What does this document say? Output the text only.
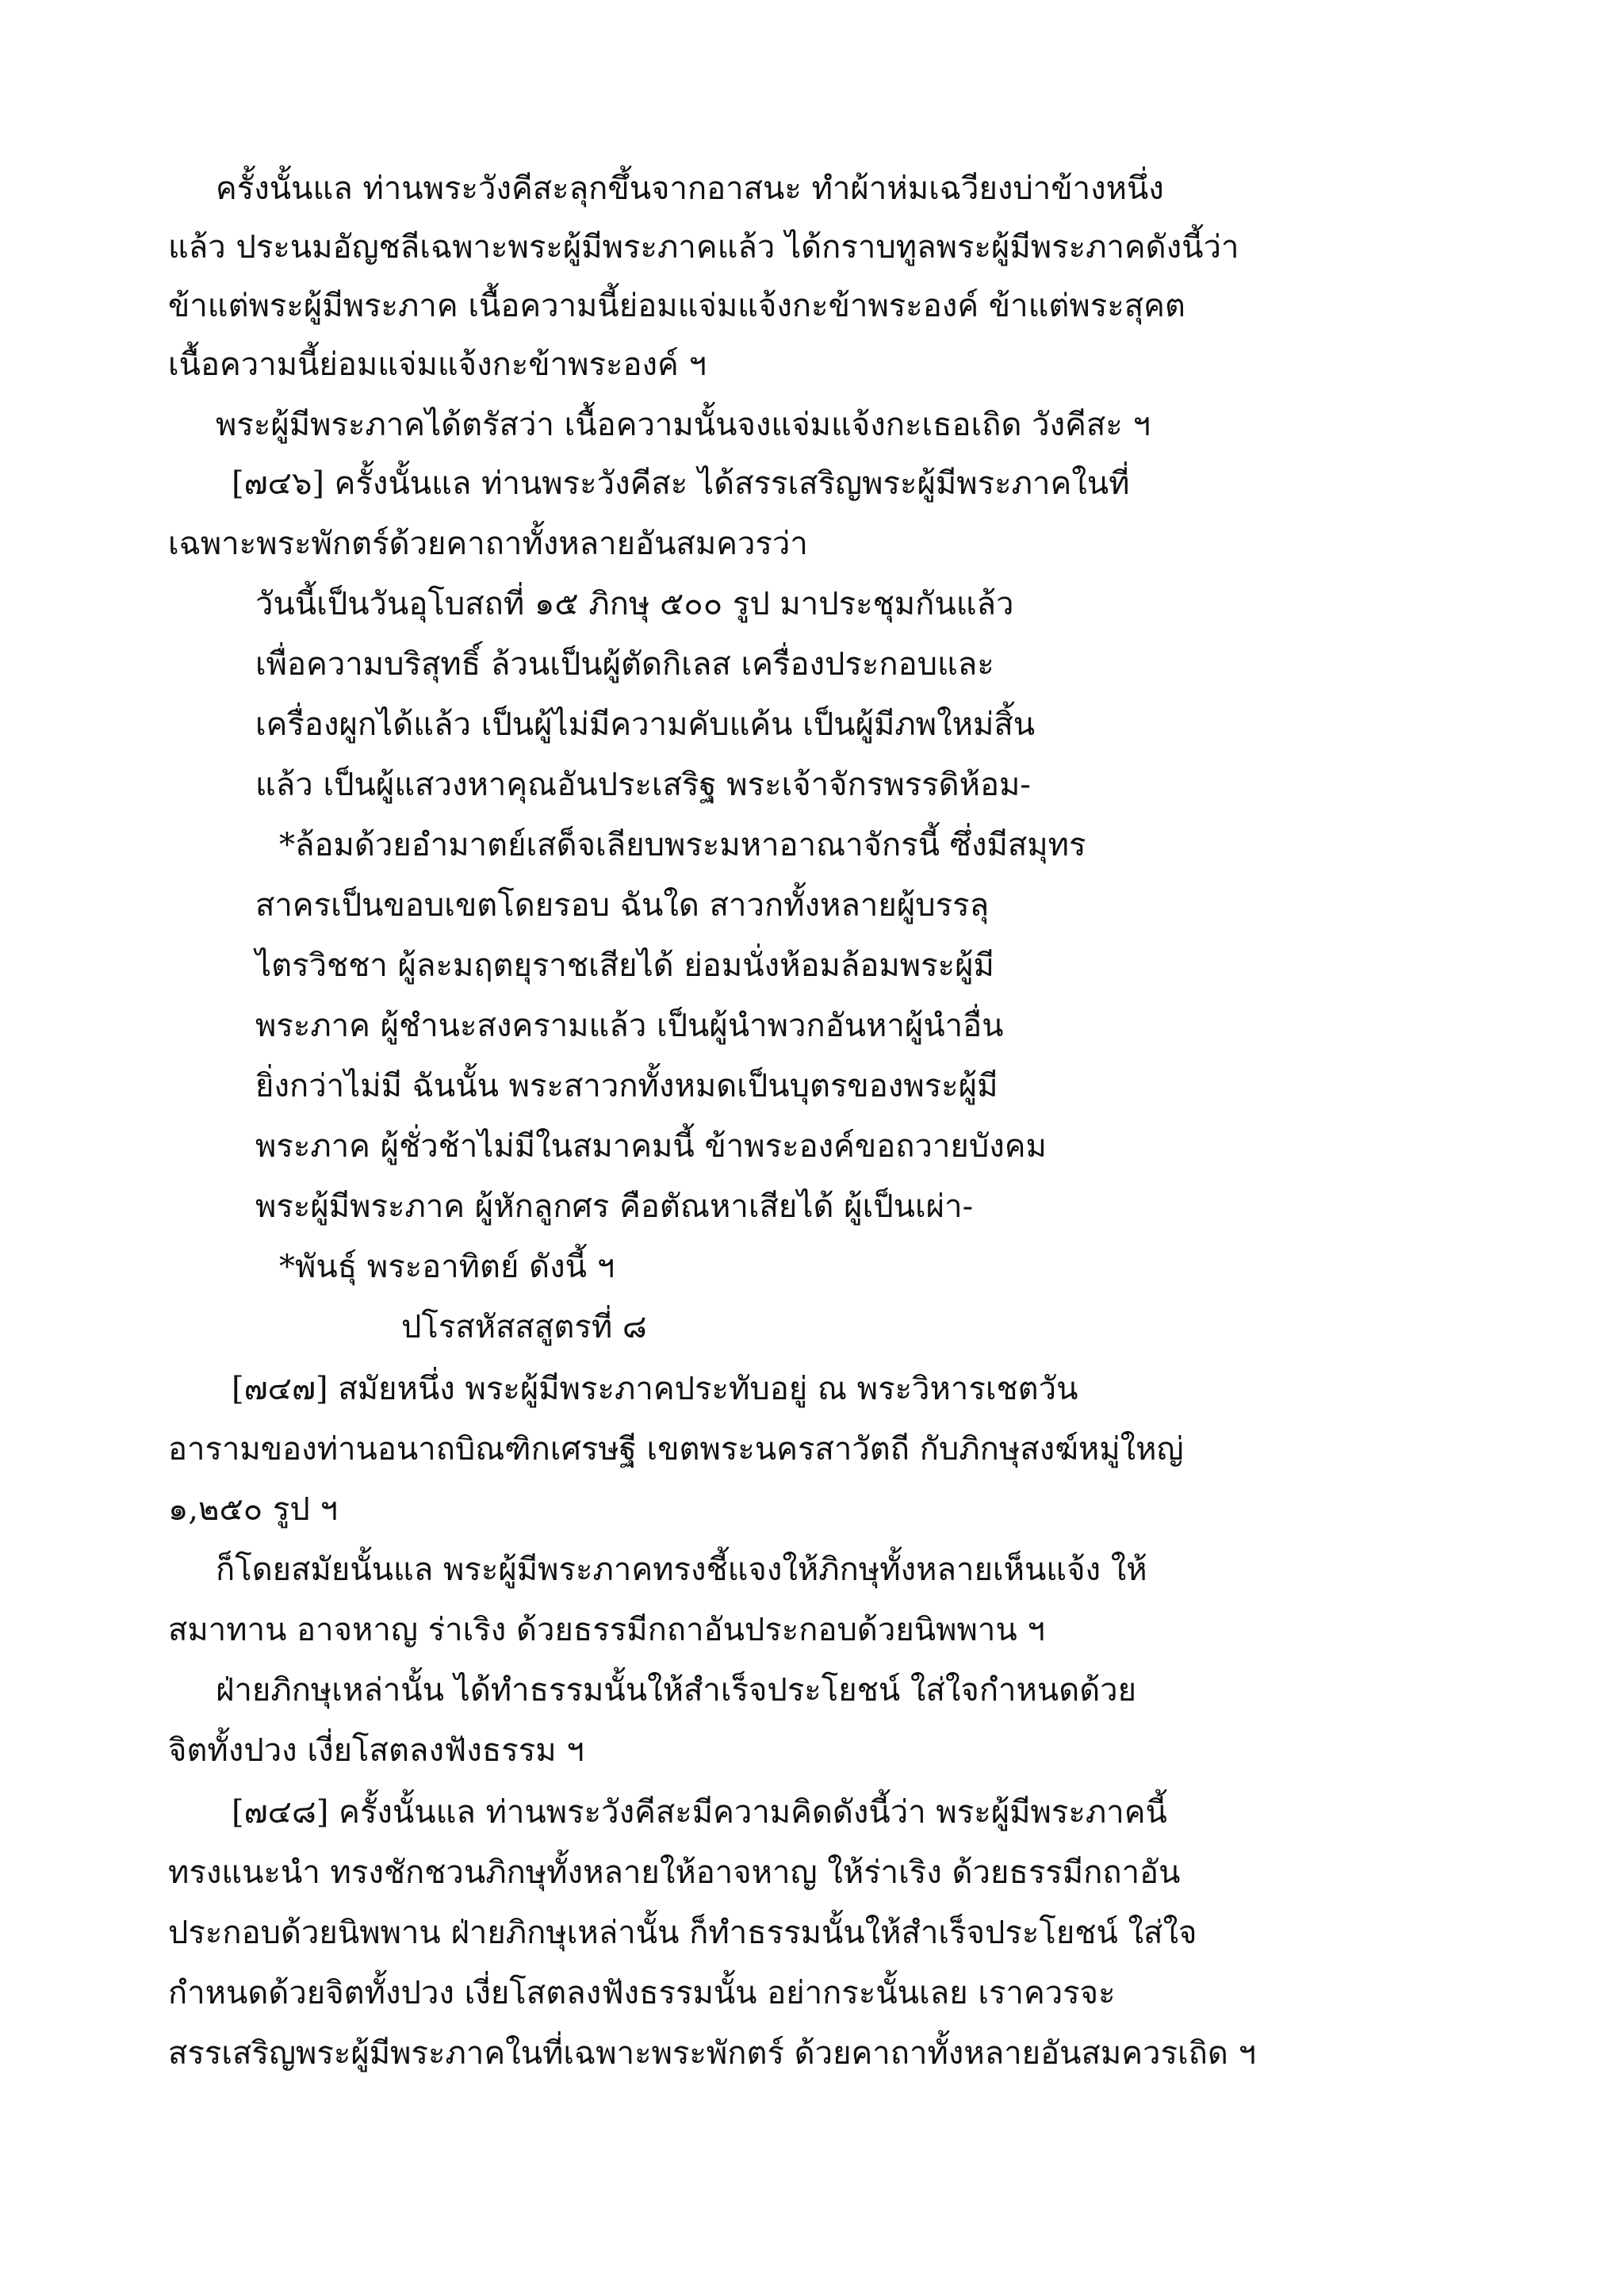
ครั้งนั้นแล ท่านพระวังคีสะลุกขึ้นจากอาสนะ ทำผ้าห่มเฉวียงบ่าข้างหนึ่ง
แล้ว ประนมอัญชลีเฉพาะพระผู้มีพระภาคแล้ว ได้กราบทูลพระผู้มีพระภาคดังนี้ว่า
ข้าแต่พระผู้มีพระภาค เนื้อความนี้ย่อมแจ่มแจ้งกะข้าพระองค์ ข้าแต่พระสุคต
เนื้อความนี้ย่อมแจ่มแจ้งกะข้าพระองค์ ฯ
พระผู้มีพระภาคได้ตรัสว่า เนื้อความนั้นจงแจ่มแจ้งกะเธอเถิด วังคีสะ ฯ
[๗๔๖] ครั้งนั้นแล ท่านพระวังคีสะ ได้สรรเสริญพระผู้มีพระภาคในที่
เฉพาะพระพักตร์ด้วยคาถาทั้งหลายอันสมควรว่า
วันนี้เป็นวันอุโบสถที่ ๑๕ ภิกษุ ๕๐๐ รูป มาประชุมกันแล้ว
เพื่อความบริสุทธิ์ ล้วนเป็นผู้ตัดกิเลส เครื่องประกอบและ
เครื่องผูกได้แล้ว เป็นผู้ไม่มีความคับแค้น เป็นผู้มีภพใหม่สิ้น
แล้ว เป็นผู้แสวงหาคุณอันประเสริฐ พระเจ้าจักรพรรดิห้อม-
*ล้อมด้วยอำมาตย์เสด็จเลียบพระมหาอาณาจักรนี้ ซึ่งมีสมุทร
สาครเป็นขอบเขตโดยรอบ ฉันใด สาวกทั้งหลายผู้บรรลุ
ไตรวิชชา ผู้ละมฤตยุราชเสียได้ ย่อมนั่งห้อมล้อมพระผู้มี
พระภาค ผู้ชำนะสงครามแล้ว เป็นผู้นำพวกอันหาผู้นำอื่น
ยิ่งกว่าไม่มี ฉันนั้น พระสาวกทั้งหมดเป็นบุตรของพระผู้มี
พระภาค ผู้ชั่วช้าไม่มีในสมาคมนี้ ข้าพระองค์ขอถวายบังคม
พระผู้มีพระภาค ผู้หักลูกศร คือตัณหาเสียได้ ผู้เป็นเผ่า-
*พันธุ์ พระอาทิตย์ ดังนี้ ฯ
ปโรสหัสสสูตรที่ ๘
[๗๔๗] สมัยหนึ่ง พระผู้มีพระภาคประทับอยู่ ณ พระวิหารเชตวัน
อารามของท่านอนาถบิณฑิกเศรษฐี เขตพระนครสาวัตถี กับภิกษุสงฆ์หมู่ใหญ่
๑,๒๕๐ รูป ฯ
ก็โดยสมัยนั้นแล พระผู้มีพระภาคทรงชี้แจงให้ภิกษุทั้งหลายเห็นแจ้ง ให้
สมาทาน อาจหาญ ร่าเริง ด้วยธรรมีกถาอันประกอบด้วยนิพพาน ฯ
ฝ่ายภิกษุเหล่านั้น ได้ทำธรรมนั้นให้สำเร็จประโยชน์ ใส่ใจกำหนดด้วย
จิตทั้งปวง เงี่ยโสตลงฟังธรรม ฯ
[๗๔๘] ครั้งนั้นแล ท่านพระวังคีสะมีความคิดดังนี้ว่า พระผู้มีพระภาคนี้
ทรงแนะนำ ทรงชักชวนภิกษุทั้งหลายให้อาจหาญ ให้ร่าเริง ด้วยธรรมีกถาอัน
ประกอบด้วยนิพพาน ฝ่ายภิกษุเหล่านั้น ก็ทำธรรมนั้นให้สำเร็จประโยชน์ ใส่ใจ
กำหนดด้วยจิตทั้งปวง เงี่ยโสตลงฟังธรรมนั้น อย่ากระนั้นเลย เราควรจะ
สรรเสริญพระผู้มีพระภาคในที่เฉพาะพระพักตร์ ด้วยคาถาทั้งหลายอันสมควรเถิด ฯ
